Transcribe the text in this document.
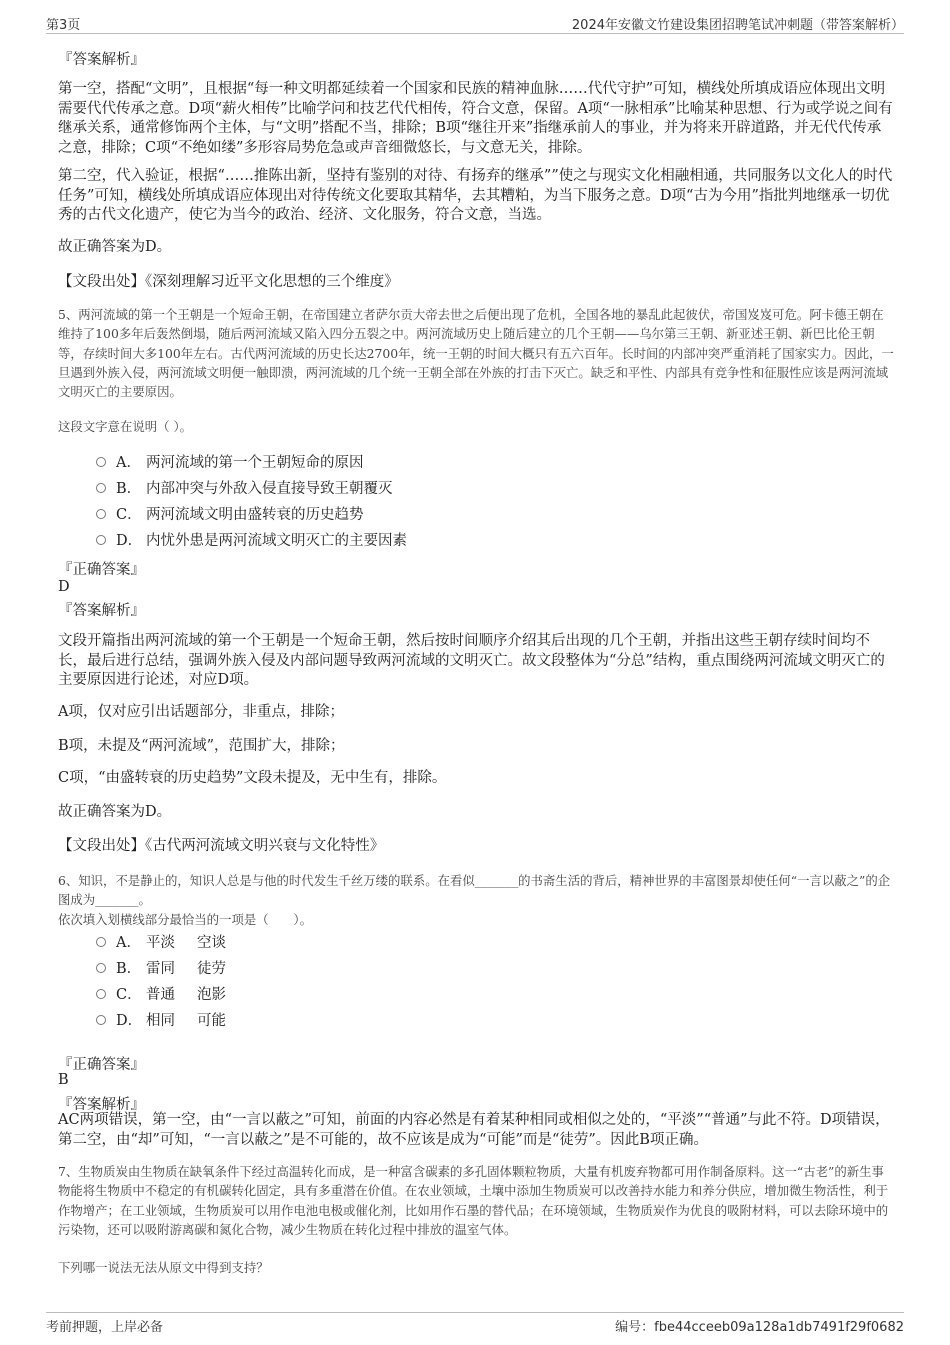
第3页	2024年安徽文竹建设集团招聘笔试冲刺题（带答案解析）
『答案解析』
第一空，搭配“文明”，且根据“每一种文明都延续着一个国家和民族的精神血脉……代代守护”可知，横线处所填成语应体现出文明需要代代传承之意。D项“薪火相传”比喻学问和技艺代代相传，符合文意，保留。A项“一脉相承”比喻某种思想、行为或学说之间有继承关系，通常修饰两个主体，与“文明”搭配不当，排除；B项“继往开来”指继承前人的事业，并为将来开辟道路，并无代代传承之意，排除；C项“不绝如缕”多形容局势危急或声音细微悠长，与文意无关，排除。
第二空，代入验证，根据“……推陈出新，坚持有鉴别的对待、有扬弃的继承””使之与现实文化相融相通，共同服务以文化人的时代任务”可知，横线处所填成语应体现出对待传统文化要取其精华，去其糟粕，为当下服务之意。D项“古为今用”指批判地继承一切优秀的古代文化遗产，使它为当今的政治、经济、文化服务，符合文意，当选。
故正确答案为D。
【文段出处】《深刻理解习近平文化思想的三个维度》
5、两河流域的第一个王朝是一个短命王朝，在帝国建立者萨尔贡大帝去世之后便出现了危机，全国各地的暴乱此起彼伏，帝国岌岌可危。阿卡德王朝在维持了100多年后轰然倒塌，随后两河流域又陷入四分五裂之中。两河流域历史上随后建立的几个王朝——乌尔第三王朝、新亚述王朝、新巴比伦王朝等，存续时间大多100年左右。古代两河流域的历史长达2700年，统一王朝的时间大概只有五六百年。长时间的内部冲突严重消耗了国家实力。因此，一旦遇到外族入侵，两河流域文明便一触即溃，两河流域的几个统一王朝全部在外族的打击下灭亡。缺乏和平性、内部具有竞争性和征服性应该是两河流域文明灭亡的主要原因。
这段文字意在说明（ ）。
A． 两河流域的第一个王朝短命的原因
B． 内部冲突与外敌入侵直接导致王朝覆灭
C． 两河流域文明由盛转衰的历史趋势
D． 内忧外患是两河流域文明灭亡的主要因素
『正确答案』
D
『答案解析』
文段开篇指出两河流域的第一个王朝是一个短命王朝，然后按时间顺序介绍其后出现的几个王朝，并指出这些王朝存续时间均不长，最后进行总结，强调外族入侵及内部问题导致两河流域的文明灭亡。故文段整体为“分总”结构，重点围绕两河流域文明灭亡的主要原因进行论述，对应D项。
A项，仅对应引出话题部分，非重点，排除；
B项，未提及“两河流域”，范围扩大，排除；
C项，“由盛转衰的历史趋势”文段未提及，无中生有，排除。
故正确答案为D。
【文段出处】《古代两河流域文明兴衰与文化特性》
6、知识，不是静止的，知识人总是与他的时代发生千丝万缕的联系。在看似_______的书斋生活的背后，精神世界的丰富图景却使任何“一言以蔽之”的企图成为_______。
依次填入划横线部分最恰当的一项是（　　）。
A． 平淡 空谈
B． 雷同 徒劳
C． 普通 泡影
D． 相同 可能
『正确答案』
B
『答案解析』
AC两项错误，第一空，由“一言以蔽之”可知，前面的内容必然是有着某种相同或相似之处的，“平淡”“普通”与此不符。D项错误，第二空，由“却”可知，“一言以蔽之”是不可能的，故不应该是成为“可能”而是“徒劳”。因此B项正确。
7、生物质炭由生物质在缺氧条件下经过高温转化而成，是一种富含碳素的多孔固体颗粒物质，大量有机废弃物都可用作制备原料。这一“古老”的新生事物能将生物质中不稳定的有机碳转化固定，具有多重潜在价值。在农业领域，土壤中添加生物质炭可以改善持水能力和养分供应，增加微生物活性，利于作物增产；在工业领域，生物质炭可以用作电池电极或催化剂，比如用作石墨的替代品；在环境领域，生物质炭作为优良的吸附材料，可以去除环境中的污染物，还可以吸附游离碳和氮化合物，减少生物质在转化过程中排放的温室气体。
下列哪一说法无法从原文中得到支持？
考前押题，上岸必备	编号：fbe44cceeb09a128a1db7491f29f0682
